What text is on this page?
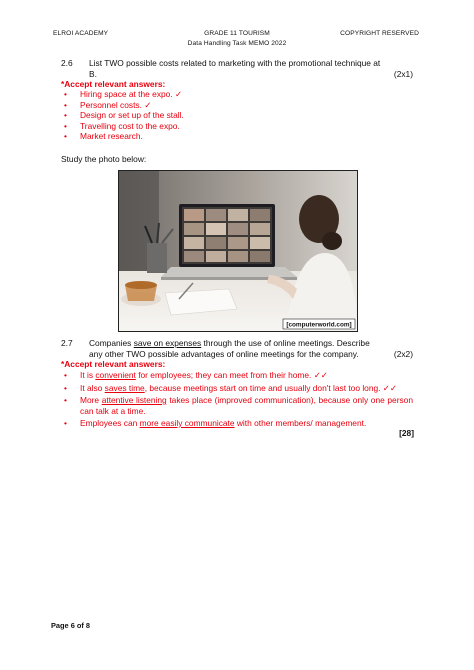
ELROI ACADEMY	GRADE 11 TOURISM
Data Handling Task MEMO 2022
COPYRIGHT RESERVED
2.6 List TWO possible costs related to marketing with the promotional technique at B.	(2x1)
*Accept relevant answers:
• Hiring space at the expo. ✓
• Personnel costs. ✓
• Design or set up of the stall.
• Travelling cost to the expo.
• Market research.
Study the photo below:
[computerworld.com]
2.7 Companies save on expenses through the use of online meetings. Describe any other TWO possible advantages of online meetings for the company.	(2x2)
*Accept relevant answers:
• It is convenient for employees; they can meet from their home. ✓✓
• It also saves time, because meetings start on time and usually don't last too long. ✓✓
• More attentive listening takes place (improved communication), because only one person can talk at a time.
• Employees can more easily communicate with other members/ management.
[28]
Page 6 of 8
